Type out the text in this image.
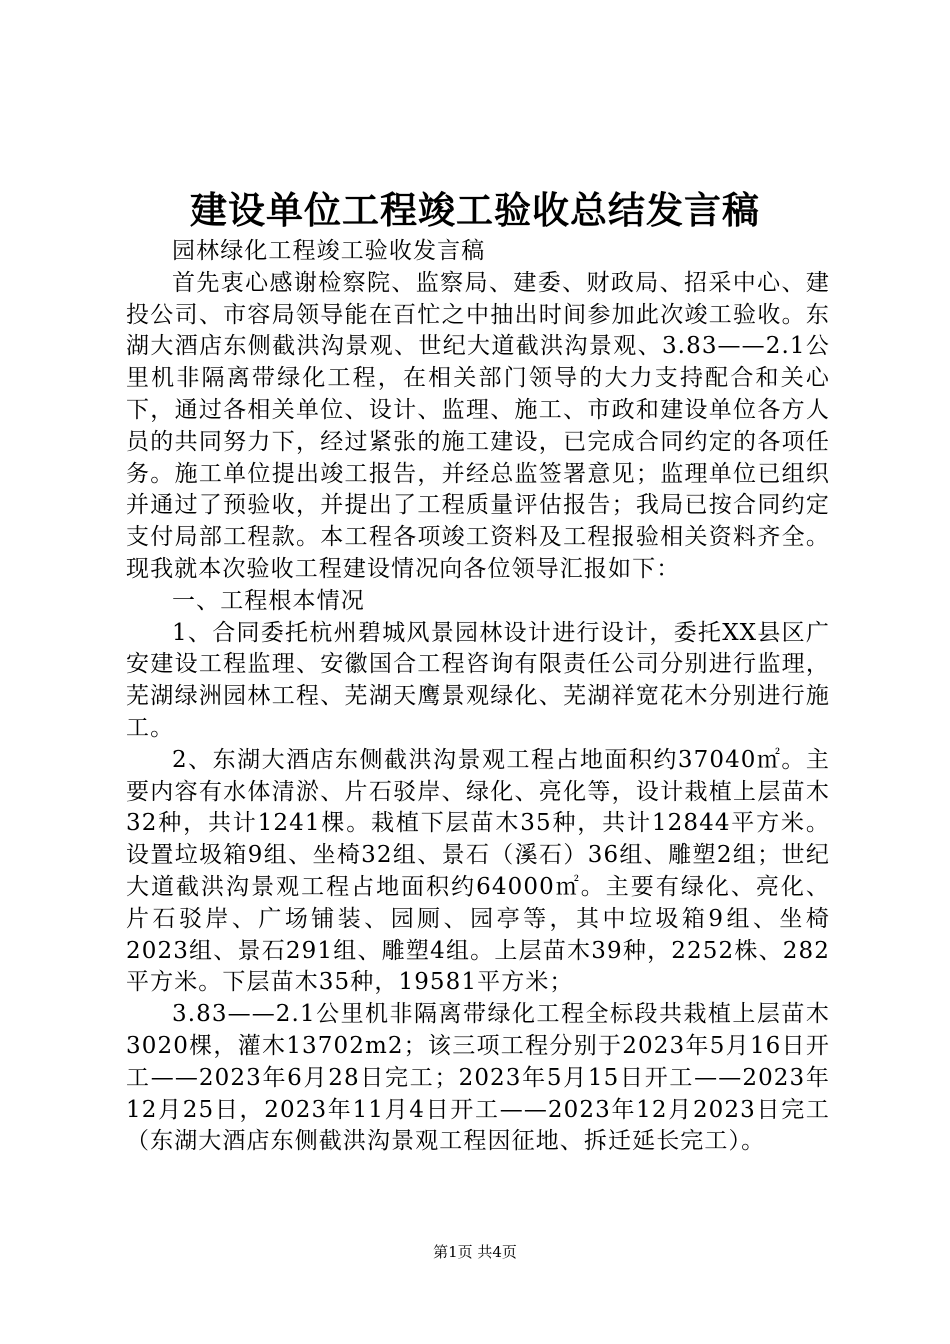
建设单位工程竣工验收总结发言稿

园林绿化工程竣工验收发言稿

首先衷心感谢检察院、监察局、建委、财政局、招采中心、建投公司、市容局领导能在百忙之中抽出时间参加此次竣工验收。东湖大酒店东侧截洪沟景观、世纪大道截洪沟景观、3.83——2.1公里机非隔离带绿化工程，在相关部门领导的大力支持配合和关心下，通过各相关单位、设计、监理、施工、市政和建设单位各方人员的共同努力下，经过紧张的施工建设，已完成合同约定的各项任务。施工单位提出竣工报告，并经总监签署意见；监理单位已组织并通过了预验收，并提出了工程质量评估报告；我局已按合同约定支付局部工程款。本工程各项竣工资料及工程报验相关资料齐全。现我就本次验收工程建设情况向各位领导汇报如下：

一、工程根本情况

1、合同委托杭州碧城风景园林设计进行设计，委托XX县区广安建设工程监理、安徽国合工程咨询有限责任公司分别进行监理，芜湖绿洲园林工程、芜湖天鹰景观绿化、芜湖祥宽花木分别进行施工。

2、东湖大酒店东侧截洪沟景观工程占地面积约37040㎡。主要内容有水体清淤、片石驳岸、绿化、亮化等，设计栽植上层苗木32种，共计1241棵。栽植下层苗木35种，共计12844平方米。设置垃圾箱9组、坐椅32组、景石（溪石）36组、雕塑2组；世纪大道截洪沟景观工程占地面积约64000㎡。主要有绿化、亮化、片石驳岸、广场铺装、园厕、园亭等，其中垃圾箱9组、坐椅2023组、景石291组、雕塑4组。上层苗木39种，2252株、282平方米。下层苗木35种，19581平方米；

3.83——2.1公里机非隔离带绿化工程全标段共栽植上层苗木3020棵，灌木13702m2；该三项工程分别于2023年5月16日开工——2023年6月28日完工；2023年5月15日开工——2023年12月25日，2023年11月4日开工——2023年12月2023日完工（东湖大酒店东侧截洪沟景观工程因征地、拆迁延长完工）。

第1页 共4页
